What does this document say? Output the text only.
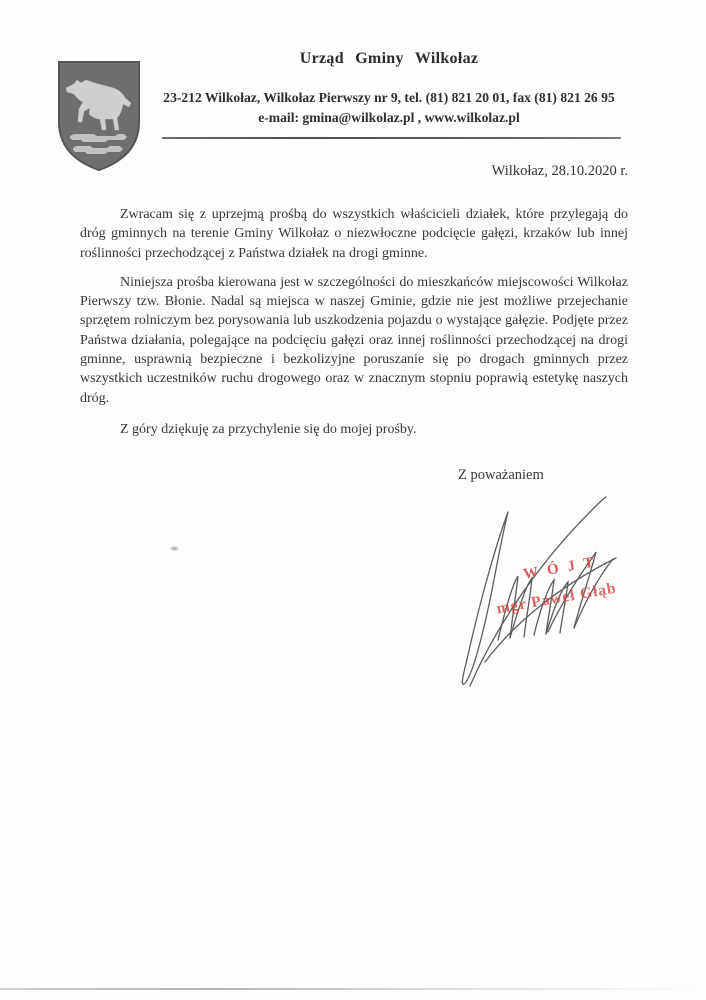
Urząd Gminy Wilkołaz

23-212 Wilkołaz, Wilkołaz Pierwszy nr 9, tel. (81) 821 20 01, fax (81) 821 26 95

e-mail: gmina@wilkolaz.pl , www.wilkolaz.pl

Wilkołaz, 28.10.2020 r.

Zwracam się z uprzejmą prośbą do wszystkich właścicieli działek, które przylegają do dróg gminnych na terenie Gminy Wilkołaz o niezwłoczne podcięcie gałęzi, krzaków lub innej roślinności przechodzącej z Państwa działek na drogi gminne.

Niniejsza prośba kierowana jest w szczególności do mieszkańców miejscowości Wilkołaz Pierwszy tzw. Błonie. Nadal są miejsca w naszej Gminie, gdzie nie jest możliwe przejechanie sprzętem rolniczym bez porysowania lub uszkodzenia pojazdu o wystające gałęzie. Podjęte przez Państwa działania, polegające na podcięciu gałęzi oraz innej roślinności przechodzącej na drogi gminne, usprawnią bezpieczne i bezkolizyjne poruszanie się po drogach gminnych przez wszystkich uczestników ruchu drogowego oraz w znacznym stopniu poprawią estetykę naszych dróg.

Z góry dziękuję za przychylenie się do mojej prośby.

Z poważaniem
WÓJT
mgr Paweł Głąb
